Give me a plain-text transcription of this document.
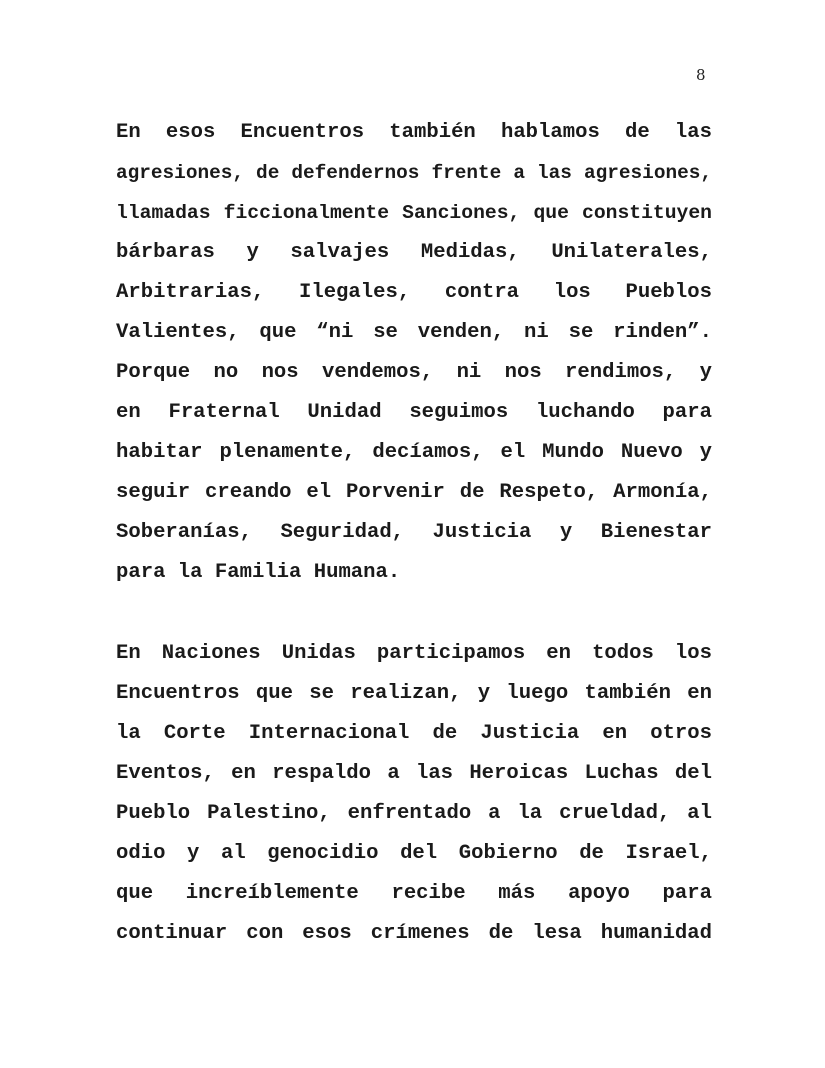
8
En esos Encuentros también hablamos de las
agresiones, de defendernos frente a las agresiones,
llamadas ficcionalmente Sanciones, que constituyen
bárbaras y salvajes Medidas, Unilaterales,
Arbitrarias, Ilegales, contra los Pueblos
Valientes, que “ni se venden, ni se rinden”.
Porque no nos vendemos, ni nos rendimos, y
en Fraternal Unidad seguimos luchando para
habitar plenamente, decíamos, el Mundo Nuevo y
seguir creando el Porvenir de Respeto, Armonía,
Soberanías, Seguridad, Justicia y Bienestar
para la Familia Humana.
En Naciones Unidas participamos en todos los
Encuentros que se realizan, y luego también en
la Corte Internacional de Justicia en otros
Eventos, en respaldo a las Heroicas Luchas del
Pueblo Palestino, enfrentado a la crueldad, al
odio y al genocidio del Gobierno de Israel,
que increíblemente recibe más apoyo para
continuar con esos crímenes de lesa humanidad
